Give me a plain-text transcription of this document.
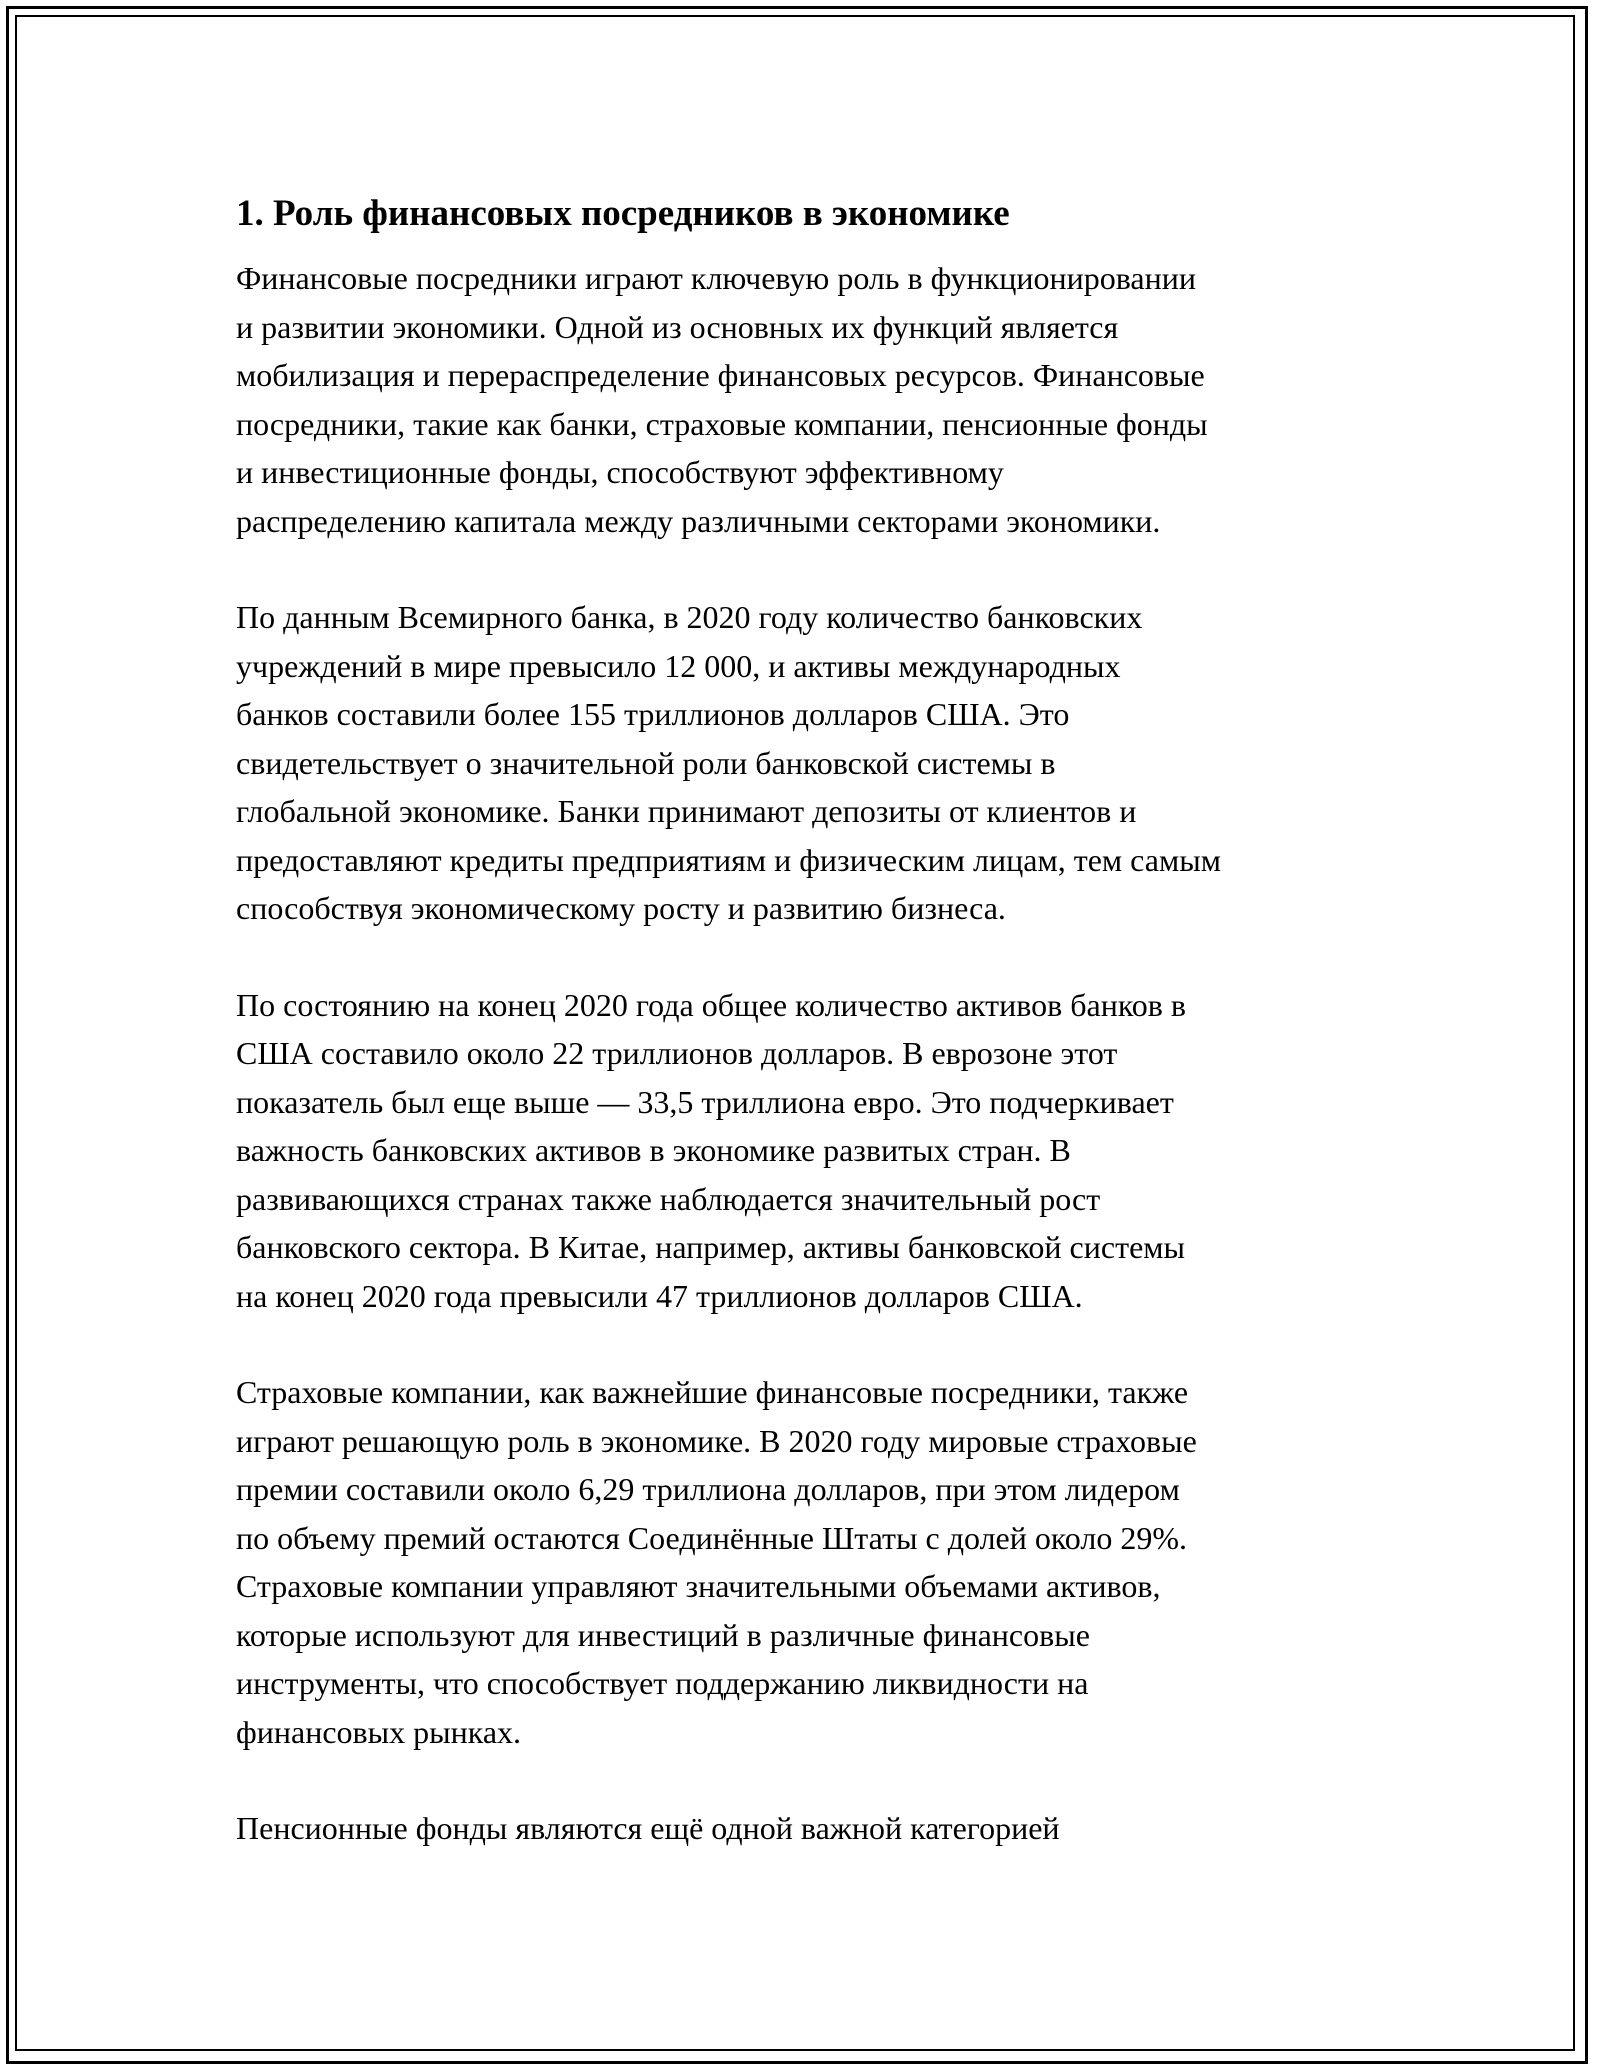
1. Роль финансовых посредников в экономике

Финансовые посредники играют ключевую роль в функционировании
и развитии экономики. Одной из основных их функций является
мобилизация и перераспределение финансовых ресурсов. Финансовые
посредники, такие как банки, страховые компании, пенсионные фонды
и инвестиционные фонды, способствуют эффективному
распределению капитала между различными секторами экономики.

По данным Всемирного банка, в 2020 году количество банковских
учреждений в мире превысило 12 000, и активы международных
банков составили более 155 триллионов долларов США. Это
свидетельствует о значительной роли банковской системы в
глобальной экономике. Банки принимают депозиты от клиентов и
предоставляют кредиты предприятиям и физическим лицам, тем самым
способствуя экономическому росту и развитию бизнеса.

По состоянию на конец 2020 года общее количество активов банков в
США составило около 22 триллионов долларов. В еврозоне этот
показатель был еще выше — 33,5 триллиона евро. Это подчеркивает
важность банковских активов в экономике развитых стран. В
развивающихся странах также наблюдается значительный рост
банковского сектора. В Китае, например, активы банковской системы
на конец 2020 года превысили 47 триллионов долларов США.

Страховые компании, как важнейшие финансовые посредники, также
играют решающую роль в экономике. В 2020 году мировые страховые
премии составили около 6,29 триллиона долларов, при этом лидером
по объему премий остаются Соединённые Штаты с долей около 29%.
Страховые компании управляют значительными объемами активов,
которые используют для инвестиций в различные финансовые
инструменты, что способствует поддержанию ликвидности на
финансовых рынках.

Пенсионные фонды являются ещё одной важной категорией
